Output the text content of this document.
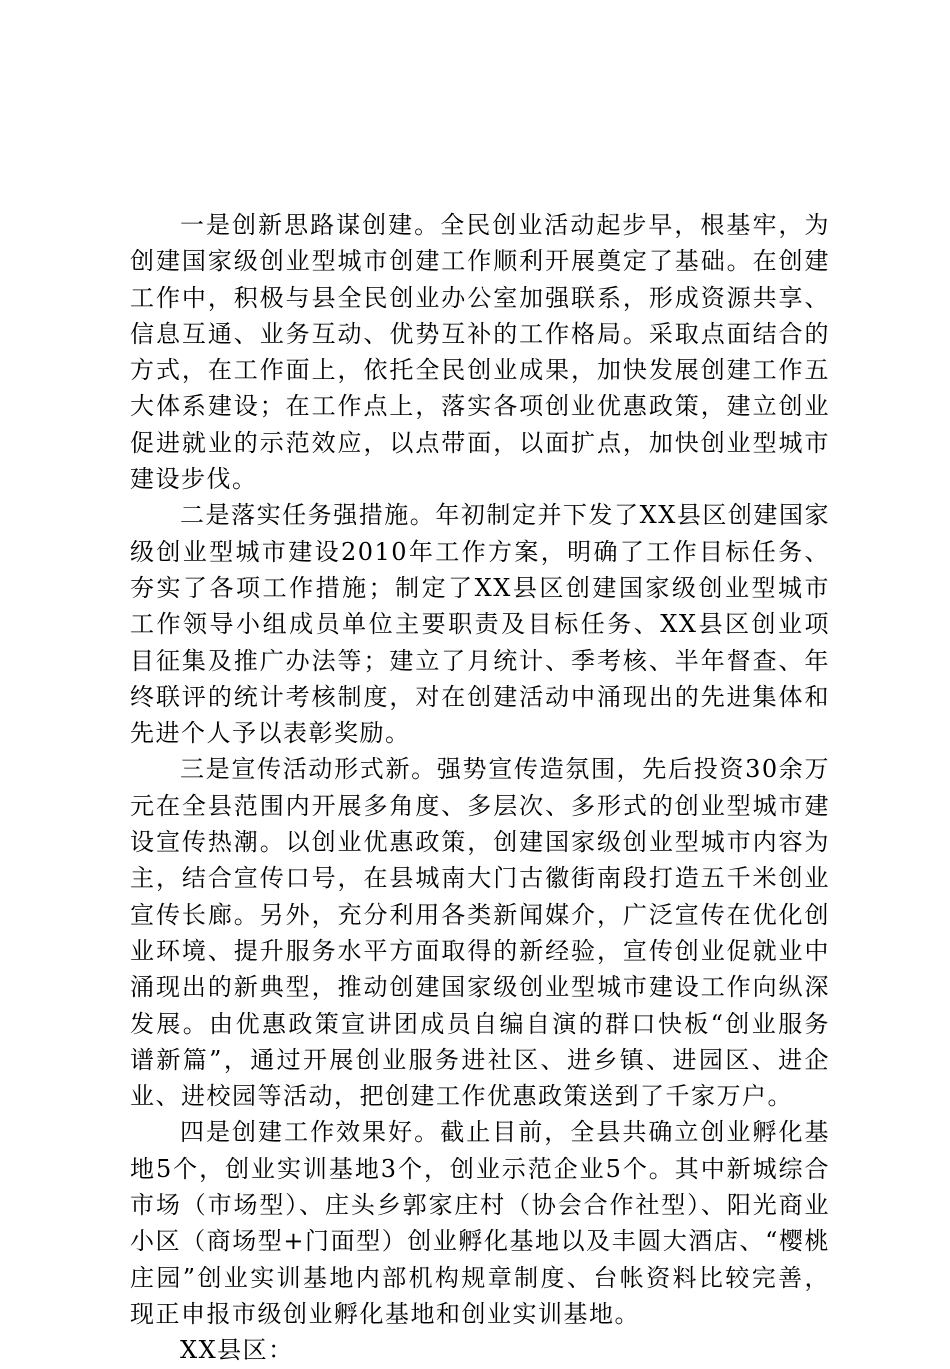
一是创新思路谋创建。全民创业活动起步早，根基牢，为创建国家级创业型城市创建工作顺利开展奠定了基础。在创建工作中，积极与县全民创业办公室加强联系，形成资源共享、信息互通、业务互动、优势互补的工作格局。采取点面结合的方式，在工作面上，依托全民创业成果，加快发展创建工作五大体系建设；在工作点上，落实各项创业优惠政策，建立创业促进就业的示范效应，以点带面，以面扩点，加快创业型城市建设步伐。

二是落实任务强措施。年初制定并下发了XX县区创建国家级创业型城市建设2010年工作方案，明确了工作目标任务、夯实了各项工作措施；制定了XX县区创建国家级创业型城市工作领导小组成员单位主要职责及目标任务、XX县区创业项目征集及推广办法等；建立了月统计、季考核、半年督查、年终联评的统计考核制度，对在创建活动中涌现出的先进集体和先进个人予以表彰奖励。

三是宣传活动形式新。强势宣传造氛围，先后投资30余万元在全县范围内开展多角度、多层次、多形式的创业型城市建设宣传热潮。以创业优惠政策，创建国家级创业型城市内容为主，结合宣传口号，在县城南大门古徽街南段打造五千米创业宣传长廊。另外，充分利用各类新闻媒介，广泛宣传在优化创业环境、提升服务水平方面取得的新经验，宣传创业促就业中涌现出的新典型，推动创建国家级创业型城市建设工作向纵深发展。由优惠政策宣讲团成员自编自演的群口快板“创业服务谱新篇”，通过开展创业服务进社区、进乡镇、进园区、进企业、进校园等活动，把创建工作优惠政策送到了千家万户。

四是创建工作效果好。截止目前，全县共确立创业孵化基地5个，创业实训基地3个，创业示范企业5个。其中新城综合市场（市场型）、庄头乡郭家庄村（协会合作社型）、阳光商业小区（商场型+门面型）创业孵化基地以及丰圆大酒店、“樱桃庄园”创业实训基地内部机构规章制度、台帐资料比较完善，现正申报市级创业孵化基地和创业实训基地。

XX县区：
